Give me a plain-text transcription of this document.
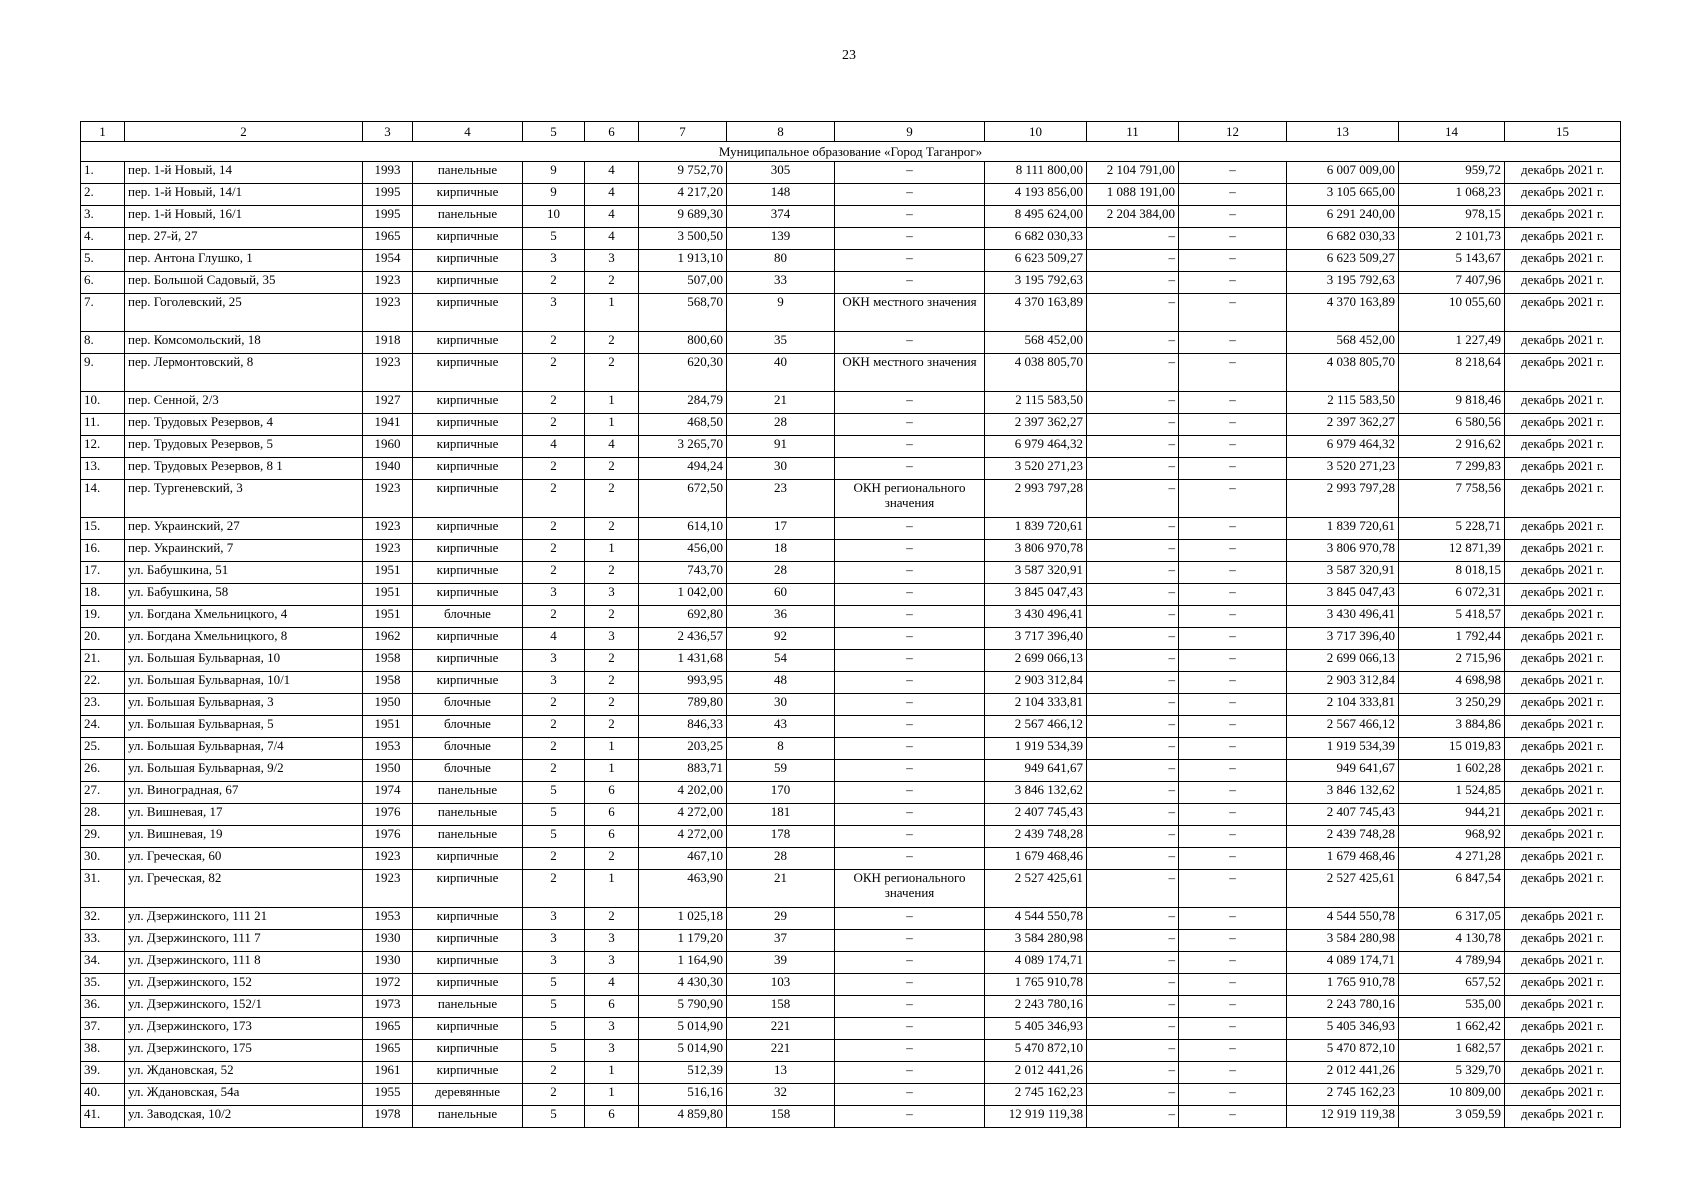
23
1	2	3	4	5	6	7	8	9	10	11	12	13	14	15
Муниципальное образование «Город Таганрог»														
1.	пер. 1-й Новый, 14	1993	панельные	9	4	9 752,70	305	–	8 111 800,00	2 104 791,00	–	6 007 009,00	959,72	декабрь 2021 г.
2.	пер. 1-й Новый, 14/1	1995	кирпичные	9	4	4 217,20	148	–	4 193 856,00	1 088 191,00	–	3 105 665,00	1 068,23	декабрь 2021 г.
3.	пер. 1-й Новый, 16/1	1995	панельные	10	4	9 689,30	374	–	8 495 624,00	2 204 384,00	–	6 291 240,00	978,15	декабрь 2021 г.
4.	пер. 27-й, 27	1965	кирпичные	5	4	3 500,50	139	–	6 682 030,33	–	–	6 682 030,33	2 101,73	декабрь 2021 г.
5.	пер. Антона Глушко, 1	1954	кирпичные	3	3	1 913,10	80	–	6 623 509,27	–	–	6 623 509,27	5 143,67	декабрь 2021 г.
6.	пер. Большой Садовый, 35	1923	кирпичные	2	2	507,00	33	–	3 195 792,63	–	–	3 195 792,63	7 407,96	декабрь 2021 г.
7.	пер. Гоголевский, 25	1923	кирпичные	3	1	568,70	9	ОКН местного значения	4 370 163,89	–	–	4 370 163,89	10 055,60	декабрь 2021 г.
8.	пер. Комсомольский, 18	1918	кирпичные	2	2	800,60	35	–	568 452,00	–	–	568 452,00	1 227,49	декабрь 2021 г.
9.	пер. Лермонтовский, 8	1923	кирпичные	2	2	620,30	40	ОКН местного значения	4 038 805,70	–	–	4 038 805,70	8 218,64	декабрь 2021 г.
10.	пер. Сенной, 2/3	1927	кирпичные	2	1	284,79	21	–	2 115 583,50	–	–	2 115 583,50	9 818,46	декабрь 2021 г.
11.	пер. Трудовых Резервов, 4	1941	кирпичные	2	1	468,50	28	–	2 397 362,27	–	–	2 397 362,27	6 580,56	декабрь 2021 г.
12.	пер. Трудовых Резервов, 5	1960	кирпичные	4	4	3 265,70	91	–	6 979 464,32	–	–	6 979 464,32	2 916,62	декабрь 2021 г.
13.	пер. Трудовых Резервов, 8 1	1940	кирпичные	2	2	494,24	30	–	3 520 271,23	–	–	3 520 271,23	7 299,83	декабрь 2021 г.
14.	пер. Тургеневский, 3	1923	кирпичные	2	2	672,50	23	ОКН регионального значения	2 993 797,28	–	–	2 993 797,28	7 758,56	декабрь 2021 г.
15.	пер. Украинский, 27	1923	кирпичные	2	2	614,10	17	–	1 839 720,61	–	–	1 839 720,61	5 228,71	декабрь 2021 г.
16.	пер. Украинский, 7	1923	кирпичные	2	1	456,00	18	–	3 806 970,78	–	–	3 806 970,78	12 871,39	декабрь 2021 г.
17.	ул. Бабушкина, 51	1951	кирпичные	2	2	743,70	28	–	3 587 320,91	–	–	3 587 320,91	8 018,15	декабрь 2021 г.
18.	ул. Бабушкина, 58	1951	кирпичные	3	3	1 042,00	60	–	3 845 047,43	–	–	3 845 047,43	6 072,31	декабрь 2021 г.
19.	ул. Богдана Хмельницкого, 4	1951	блочные	2	2	692,80	36	–	3 430 496,41	–	–	3 430 496,41	5 418,57	декабрь 2021 г.
20.	ул. Богдана Хмельницкого, 8	1962	кирпичные	4	3	2 436,57	92	–	3 717 396,40	–	–	3 717 396,40	1 792,44	декабрь 2021 г.
21.	ул. Большая Бульварная, 10	1958	кирпичные	3	2	1 431,68	54	–	2 699 066,13	–	–	2 699 066,13	2 715,96	декабрь 2021 г.
22.	ул. Большая Бульварная, 10/1	1958	кирпичные	3	2	993,95	48	–	2 903 312,84	–	–	2 903 312,84	4 698,98	декабрь 2021 г.
23.	ул. Большая Бульварная, 3	1950	блочные	2	2	789,80	30	–	2 104 333,81	–	–	2 104 333,81	3 250,29	декабрь 2021 г.
24.	ул. Большая Бульварная, 5	1951	блочные	2	2	846,33	43	–	2 567 466,12	–	–	2 567 466,12	3 884,86	декабрь 2021 г.
25.	ул. Большая Бульварная, 7/4	1953	блочные	2	1	203,25	8	–	1 919 534,39	–	–	1 919 534,39	15 019,83	декабрь 2021 г.
26.	ул. Большая Бульварная, 9/2	1950	блочные	2	1	883,71	59	–	949 641,67	–	–	949 641,67	1 602,28	декабрь 2021 г.
27.	ул. Виноградная, 67	1974	панельные	5	6	4 202,00	170	–	3 846 132,62	–	–	3 846 132,62	1 524,85	декабрь 2021 г.
28.	ул. Вишневая, 17	1976	панельные	5	6	4 272,00	181	–	2 407 745,43	–	–	2 407 745,43	944,21	декабрь 2021 г.
29.	ул. Вишневая, 19	1976	панельные	5	6	4 272,00	178	–	2 439 748,28	–	–	2 439 748,28	968,92	декабрь 2021 г.
30.	ул. Греческая, 60	1923	кирпичные	2	2	467,10	28	–	1 679 468,46	–	–	1 679 468,46	4 271,28	декабрь 2021 г.
31.	ул. Греческая, 82	1923	кирпичные	2	1	463,90	21	ОКН регионального значения	2 527 425,61	–	–	2 527 425,61	6 847,54	декабрь 2021 г.
32.	ул. Дзержинского, 111 21	1953	кирпичные	3	2	1 025,18	29	–	4 544 550,78	–	–	4 544 550,78	6 317,05	декабрь 2021 г.
33.	ул. Дзержинского, 111 7	1930	кирпичные	3	3	1 179,20	37	–	3 584 280,98	–	–	3 584 280,98	4 130,78	декабрь 2021 г.
34.	ул. Дзержинского, 111 8	1930	кирпичные	3	3	1 164,90	39	–	4 089 174,71	–	–	4 089 174,71	4 789,94	декабрь 2021 г.
35.	ул. Дзержинского, 152	1972	кирпичные	5	4	4 430,30	103	–	1 765 910,78	–	–	1 765 910,78	657,52	декабрь 2021 г.
36.	ул. Дзержинского, 152/1	1973	панельные	5	6	5 790,90	158	–	2 243 780,16	–	–	2 243 780,16	535,00	декабрь 2021 г.
37.	ул. Дзержинского, 173	1965	кирпичные	5	3	5 014,90	221	–	5 405 346,93	–	–	5 405 346,93	1 662,42	декабрь 2021 г.
38.	ул. Дзержинского, 175	1965	кирпичные	5	3	5 014,90	221	–	5 470 872,10	–	–	5 470 872,10	1 682,57	декабрь 2021 г.
39.	ул. Ждановская, 52	1961	кирпичные	2	1	512,39	13	–	2 012 441,26	–	–	2 012 441,26	5 329,70	декабрь 2021 г.
40.	ул. Ждановская, 54а	1955	деревянные	2	1	516,16	32	–	2 745 162,23	–	–	2 745 162,23	10 809,00	декабрь 2021 г.
41.	ул. Заводская, 10/2	1978	панельные	5	6	4 859,80	158	–	12 919 119,38	–	–	12 919 119,38	3 059,59	декабрь 2021 г.
